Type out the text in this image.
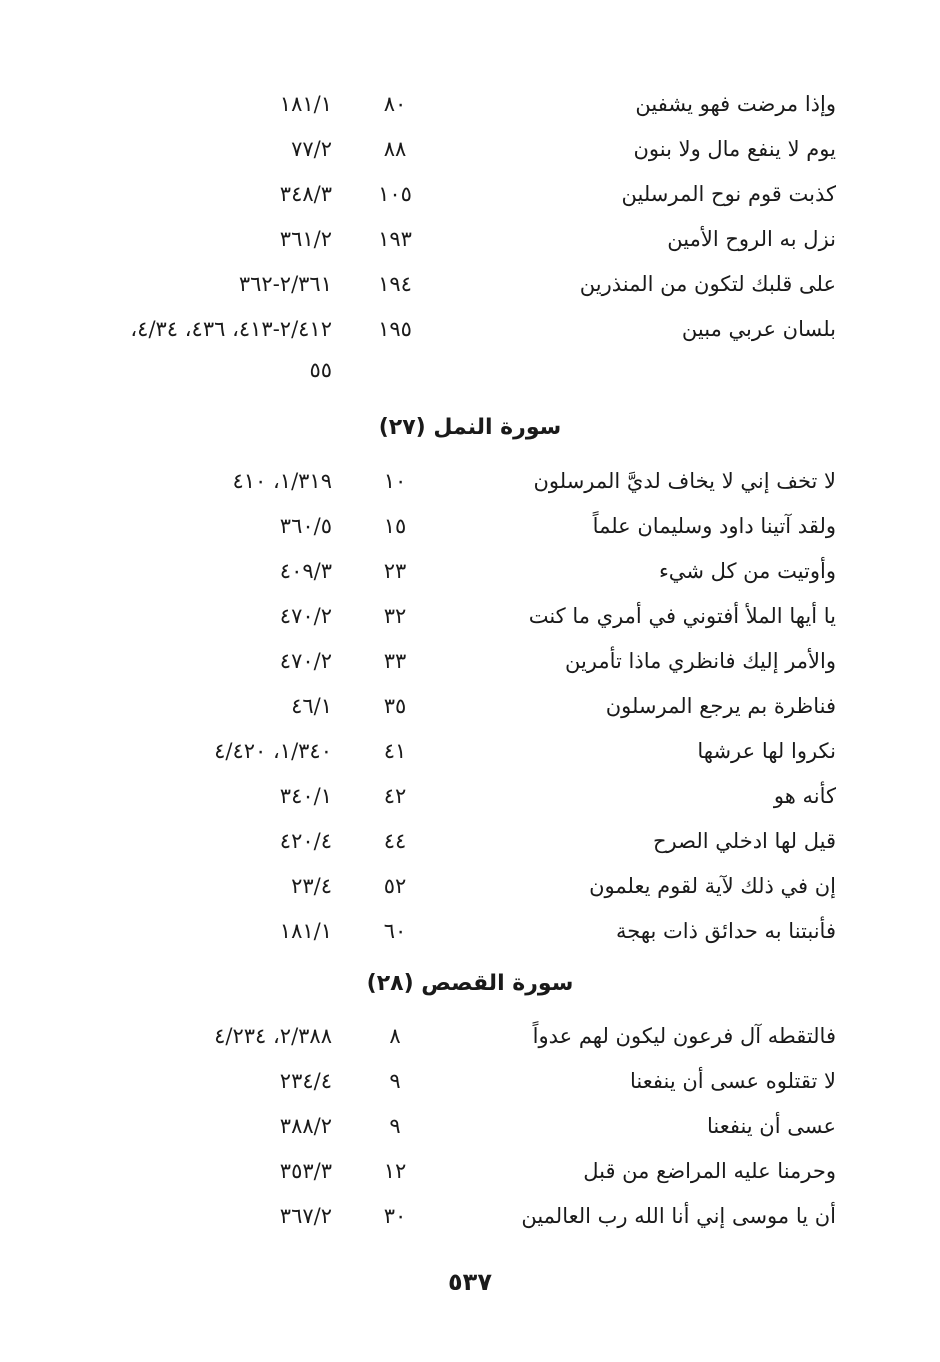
وإذا مرضت فهو يشفين
٨٠
١٨١/١
يوم لا ينفع مال ولا بنون
٨٨
٧٧/٢
كذبت قوم نوح المرسلين
١٠٥
٣٤٨/٣
نزل به الروح الأمين
١٩٣
٣٦١/٢
على قلبك لتكون من المنذرين
١٩٤
٢/٣٦١-٣٦٢
بلسان عربي مبين
١٩٥
٢/٤١٢-٤١٣، ٤٣٦، ٤/٣٤،
٥٥
سورة النمل (٢٧)
لا تخف إني لا يخاف لديَّ المرسلون
١٠
١/٣١٩، ٤١٠
ولقد آتينا داود وسليمان علماً
١٥
٣٦٠/٥
وأوتيت من كل شيء
٢٣
٤٠٩/٣
يا أيها الملأ أفتوني في أمري ما كنت
٣٢
٤٧٠/٢
والأمر إليك فانظري ماذا تأمرين
٣٣
٤٧٠/٢
فناظرة بم يرجع المرسلون
٣٥
٤٦/١
نكروا لها عرشها
٤١
١/٣٤٠، ٤/٤٢٠
كأنه هو
٤٢
٣٤٠/١
قيل لها ادخلي الصرح
٤٤
٤٢٠/٤
إن في ذلك لآية لقوم يعلمون
٥٢
٢٣/٤
فأنبتنا به حدائق ذات بهجة
٦٠
١٨١/١
سورة القصص (٢٨)
فالتقطه آل فرعون ليكون لهم عدواً
٨
٢/٣٨٨، ٤/٢٣٤
لا تقتلوه عسى أن ينفعنا
٩
٢٣٤/٤
عسى أن ينفعنا
٩
٣٨٨/٢
وحرمنا عليه المراضع من قبل
١٢
٣٥٣/٣
أن يا موسى إني أنا الله رب العالمين
٣٠
٣٦٧/٢
٥٣٧
